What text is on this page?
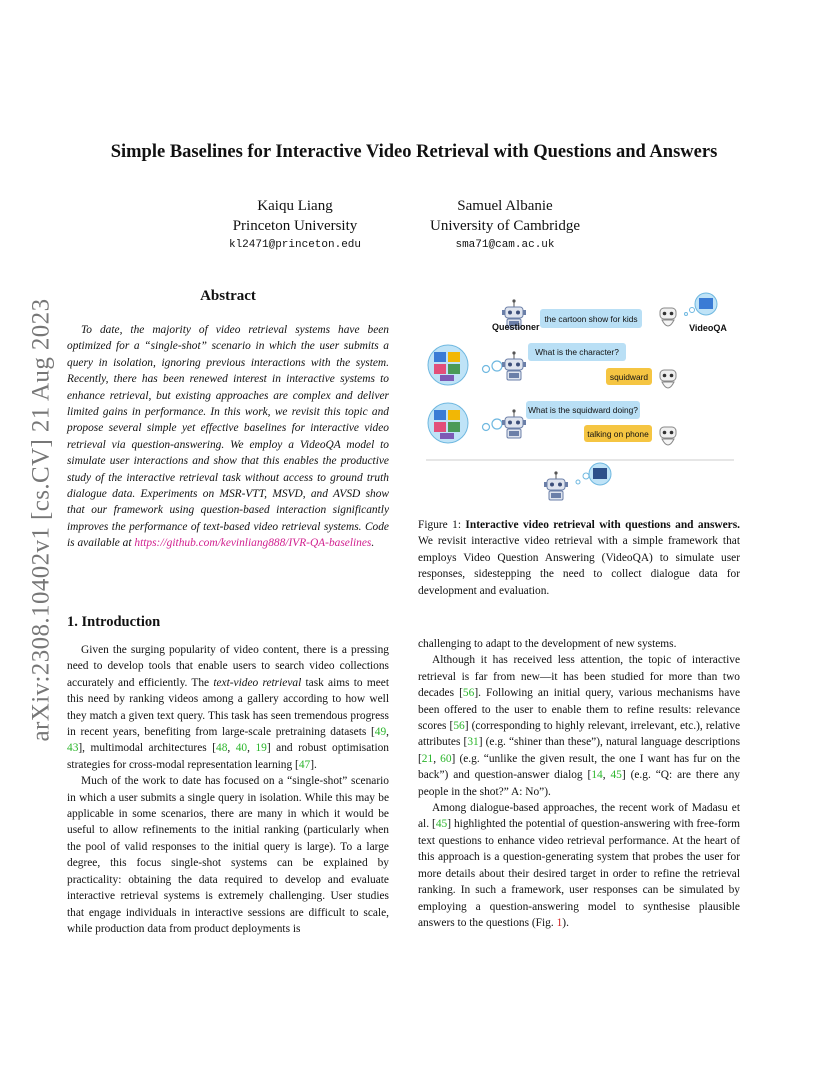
arXiv:2308.10402v1 [cs.CV] 21 Aug 2023
Simple Baselines for Interactive Video Retrieval with Questions and Answers
Kaiqu Liang
Princeton University
kl2471@princeton.edu
Samuel Albanie
University of Cambridge
sma71@cam.ac.uk
Abstract

To date, the majority of video retrieval systems have been optimized for a “single-shot” scenario in which the user submits a query in isolation, ignoring previous interactions with the system. Recently, there has been renewed interest in interactive systems to enhance retrieval, but existing approaches are complex and deliver limited gains in performance. In this work, we revisit this topic and propose several simple yet effective baselines for interactive video retrieval via question-answering. We employ a VideoQA model to simulate user interactions and show that this enables the productive study of the interactive retrieval task without access to ground truth dialogue data. Experiments on MSR-VTT, MSVD, and AVSD show that our framework using question-based interaction significantly improves the performance of text-based video retrieval systems. Code is available at https://github.com/kevinliang888/IVR-QA-baselines.

Questioner
the cartoon show for kids
VideoQA
What is the character?
squidward
What is the squidward doing?
talking on phone

Figure 1: Interactive video retrieval with questions and answers. We revisit interactive video retrieval with a simple framework that employs Video Question Answering (VideoQA) to simulate user responses, sidestepping the need to collect dialogue data for development and evaluation.

1. Introduction

Given the surging popularity of video content, there is a pressing need to develop tools that enable users to search video collections accurately and efficiently. The text-video retrieval task aims to meet this need by ranking videos among a gallery according to how well they match a given text query. This task has seen tremendous progress in recent years, benefiting from large-scale pretraining datasets [49, 43], multimodal architectures [48, 40, 19] and robust optimisation strategies for cross-modal representation learning [47].

Much of the work to date has focused on a “single-shot” scenario in which a user submits a single query in isolation. While this may be applicable in some scenarios, there are many in which it would be useful to allow refinements to the initial ranking (particularly when the pool of valid responses to the initial query is large). To a large degree, this focus single-shot systems can be explained by practicality: obtaining the data required to develop and evaluate interactive retrieval systems is extremely challenging. User studies that engage individuals in interactive sessions are difficult to scale, while production data from product deployments is

challenging to adapt to the development of new systems.

Although it has received less attention, the topic of interactive retrieval is far from new—it has been studied for more than two decades [56]. Following an initial query, various mechanisms have been offered to the user to enable them to refine results: relevance scores [56] (corresponding to highly relevant, irrelevant, etc.), relative attributes [31] (e.g. “shiner than these”), natural language descriptions [21, 60] (e.g. “unlike the given result, the one I want has fur on the back”) and question-answer dialog [14, 45] (e.g. “Q: are there any people in the shot?” A: No”).

Among dialogue-based approaches, the recent work of Madasu et al. [45] highlighted the potential of question-answering with free-form text questions to enhance video retrieval performance. At the heart of this approach is a question-generating system that probes the user for more details about their desired target in order to refine the retrieval ranking. In such a framework, user responses can be simulated by employing a question-answering model to synthesise plausible answers to the questions (Fig. 1).
